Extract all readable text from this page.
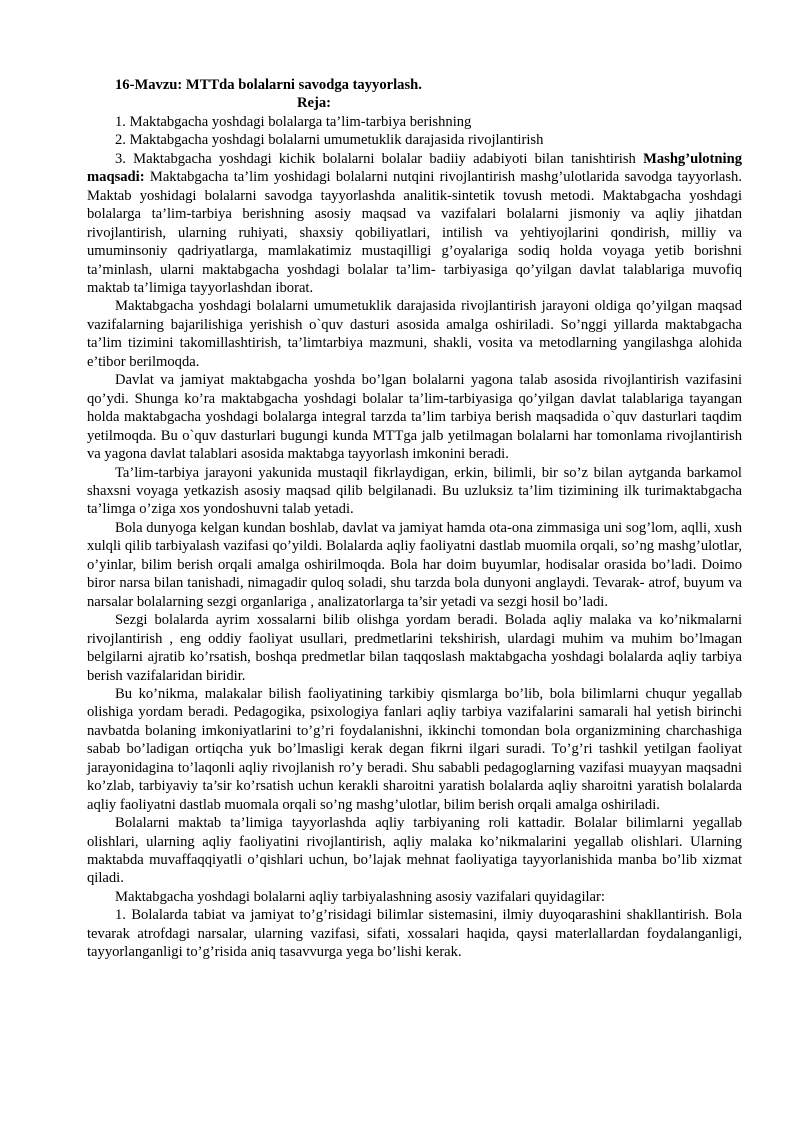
16-Mavzu: MTTda bolalarni savodga tayyorlash.

Reja:

1. Maktabgacha yoshdagi bolalarga ta’lim-tarbiya berishning

2. Maktabgacha yoshdagi bolalarni umumetuklik darajasida rivojlantirish

3. Maktabgacha yoshdagi kichik bolalarni bolalar badiiy adabiyoti bilan tanishtirish Mashg’ulotning maqsadi: Maktabgacha ta’lim yoshidagi bolalarni nutqini rivojlantirish mashg’ulotlarida savodga tayyorlash. Maktab yoshidagi bolalarni savodga tayyorlashda analitik-sintetik tovush metodi. Maktabgacha yoshdagi bolalarga ta’lim-tarbiya berishning asosiy maqsad va vazifalari bolalarni jismoniy va aqliy jihatdan rivojlantirish, ularning ruhiyati, shaxsiy qobiliyatlari, intilish va yehtiyojlarini qondirish, milliy va umuminsoniy qadriyatlarga, mamlakatimiz mustaqilligi g’oyalariga sodiq holda voyaga yetib borishni ta’minlash, ularni maktabgacha yoshdagi bolalar ta’lim- tarbiyasiga qo’yilgan davlat talablariga muvofiq maktab ta’limiga tayyorlashdan iborat.

Maktabgacha yoshdagi bolalarni umumetuklik darajasida rivojlantirish jarayoni oldiga qo’yilgan maqsad vazifalarning bajarilishiga yerishish o`quv dasturi asosida amalga oshiriladi. So’nggi yillarda maktabgacha ta’lim tizimini takomillashtirish, ta’limtarbiya mazmuni, shakli, vosita va metodlarning yangilashga alohida e’tibor berilmoqda.

Davlat va jamiyat maktabgacha yoshda bo’lgan bolalarni yagona talab asosida rivojlantirish vazifasini qo’ydi. Shunga ko’ra maktabgacha yoshdagi bolalar ta’lim-tarbiyasiga qo’yilgan davlat talablariga tayangan holda maktabgacha yoshdagi bolalarga integral tarzda ta’lim tarbiya berish maqsadida o`quv dasturlari taqdim yetilmoqda. Bu o`quv dasturlari bugungi kunda MTTga jalb yetilmagan bolalarni har tomonlama rivojlantirish va yagona davlat talablari asosida maktabga tayyorlash imkonini beradi.

Ta’lim-tarbiya jarayoni yakunida mustaqil fikrlaydigan, erkin, bilimli, bir so’z bilan aytganda barkamol shaxsni voyaga yetkazish asosiy maqsad qilib belgilanadi. Bu uzluksiz ta’lim tizimining ilk turimaktabgacha ta’limga o’ziga xos yondoshuvni talab yetadi.

Bola dunyoga kelgan kundan boshlab, davlat va jamiyat hamda ota-ona zimmasiga uni sog’lom, aqlli, xush xulqli qilib tarbiyalash vazifasi qo’yildi. Bolalarda aqliy faoliyatni dastlab muomila orqali, so’ng mashg’ulotlar, o’yinlar, bilim berish orqali amalga oshirilmoqda. Bola har doim buyumlar, hodisalar orasida bo’ladi. Doimo biror narsa bilan tanishadi, nimagadir quloq soladi, shu tarzda bola dunyoni anglaydi. Tevarak- atrof, buyum va narsalar bolalarning sezgi organlariga , analizatorlarga ta’sir yetadi va sezgi hosil bo’ladi.

Sezgi bolalarda ayrim xossalarni bilib olishga yordam beradi. Bolada aqliy malaka va ko’nikmalarni rivojlantirish , eng oddiy faoliyat usullari, predmetlarini tekshirish, ulardagi muhim va muhim bo’lmagan belgilarni ajratib ko’rsatish, boshqa predmetlar bilan taqqoslash maktabgacha yoshdagi bolalarda aqliy tarbiya berish vazifalaridan biridir.

Bu ko’nikma, malakalar bilish faoliyatining tarkibiy qismlarga bo’lib, bola bilimlarni chuqur yegallab olishiga yordam beradi. Pedagogika, psixologiya fanlari aqliy tarbiya vazifalarini samarali hal yetish birinchi navbatda bolaning imkoniyatlarini to’g’ri foydalanishni, ikkinchi tomondan bola organizmining charchashiga sabab bo’ladigan ortiqcha yuk bo’lmasligi kerak degan fikrni ilgari suradi. To’g’ri tashkil yetilgan faoliyat jarayonidagina to’laqonli aqliy rivojlanish ro’y beradi. Shu sababli pedagoglarning vazifasi muayyan maqsadni ko’zlab, tarbiyaviy ta’sir ko’rsatish uchun kerakli sharoitni yaratish bolalarda aqliy sharoitni yaratish bolalarda aqliy faoliyatni dastlab muomala orqali so’ng mashg’ulotlar, bilim berish orqali amalga oshiriladi.

Bolalarni maktab ta’limiga tayyorlashda aqliy tarbiyaning roli kattadir. Bolalar bilimlarni yegallab olishlari, ularning aqliy faoliyatini rivojlantirish, aqliy malaka ko’nikmalarini yegallab olishlari. Ularning maktabda muvaffaqqiyatli o’qishlari uchun, bo’lajak mehnat faoliyatiga tayyorlanishida manba bo’lib xizmat qiladi.

Maktabgacha yoshdagi bolalarni aqliy tarbiyalashning asosiy vazifalari quyidagilar:

1. Bolalarda tabiat va jamiyat to’g’risidagi bilimlar sistemasini, ilmiy duyoqarashini shakllantirish. Bola tevarak atrofdagi narsalar, ularning vazifasi, sifati, xossalari haqida, qaysi materlallardan foydalanganligi, tayyorlanganligi to’g’risida aniq tasavvurga yega bo’lishi kerak.
